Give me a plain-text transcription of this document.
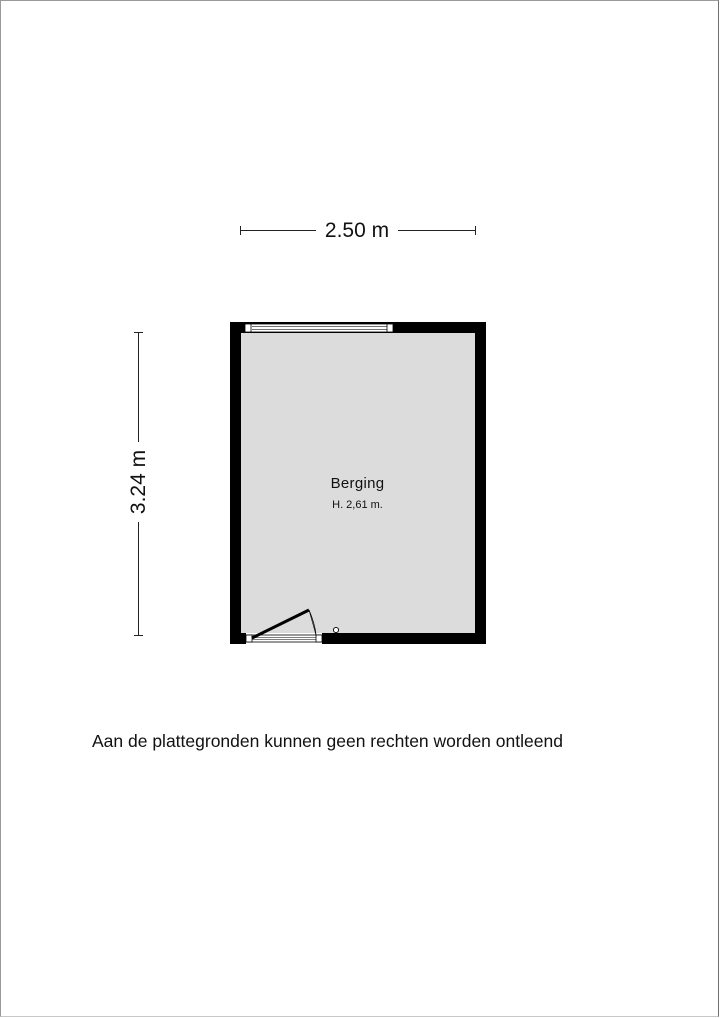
2.50 m
3.24 m	Berging
H. 2,61 m.
Aan de plattegronden kunnen geen rechten worden ontleend
